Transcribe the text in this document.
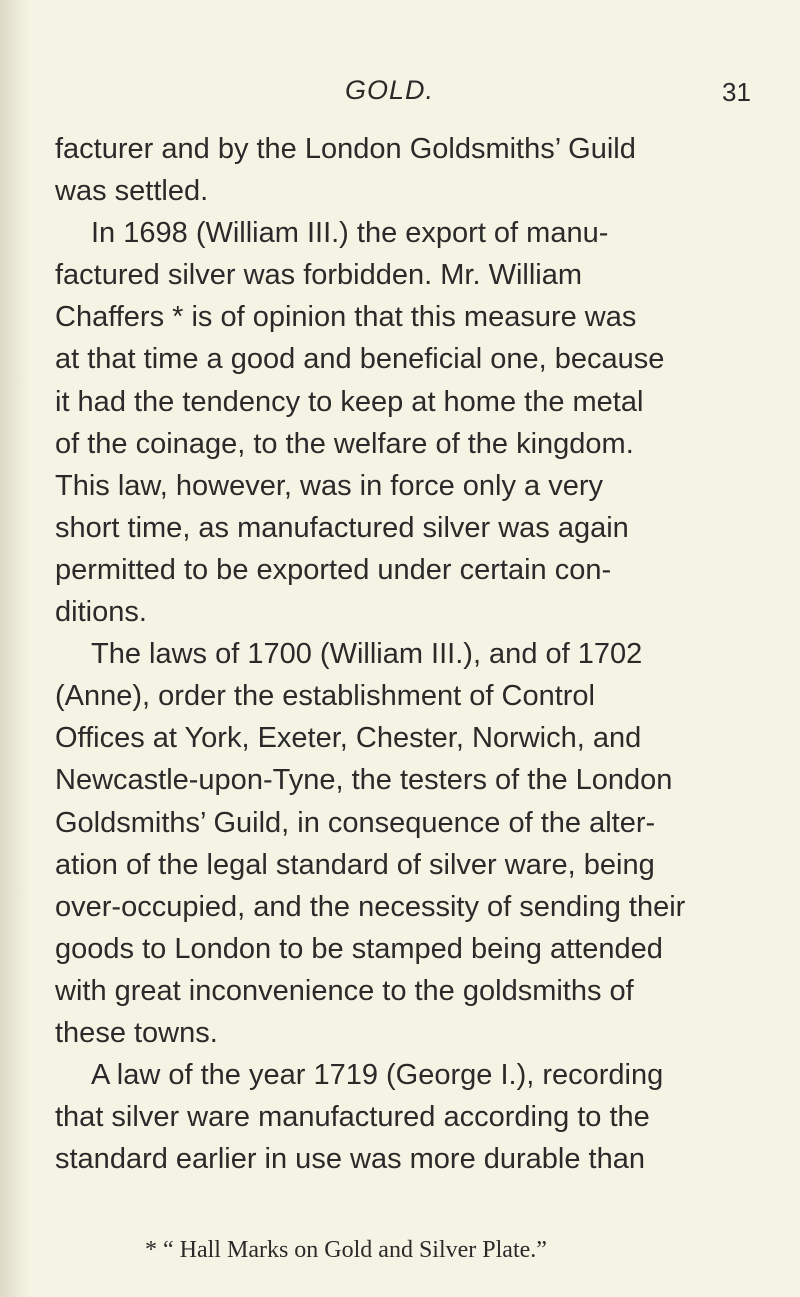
GOLD.	31
facturer and by the London Goldsmiths’ Guild
was settled.
In 1698 (William III.) the export of manu-
factured silver was forbidden. Mr. William
Chaffers * is of opinion that this measure was
at that time a good and beneficial one, because
it had the tendency to keep at home the metal
of the coinage, to the welfare of the kingdom.
This law, however, was in force only a very
short time, as manufactured silver was again
permitted to be exported under certain con-
ditions.
The laws of 1700 (William III.), and of 1702
(Anne), order the establishment of Control
Offices at York, Exeter, Chester, Norwich, and
Newcastle-upon-Tyne, the testers of the London
Goldsmiths’ Guild, in consequence of the alter-
ation of the legal standard of silver ware, being
over-occupied, and the necessity of sending their
goods to London to be stamped being attended
with great inconvenience to the goldsmiths of
these towns.
A law of the year 1719 (George I.), recording
that silver ware manufactured according to the
standard earlier in use was more durable than
* “ Hall Marks on Gold and Silver Plate.”
